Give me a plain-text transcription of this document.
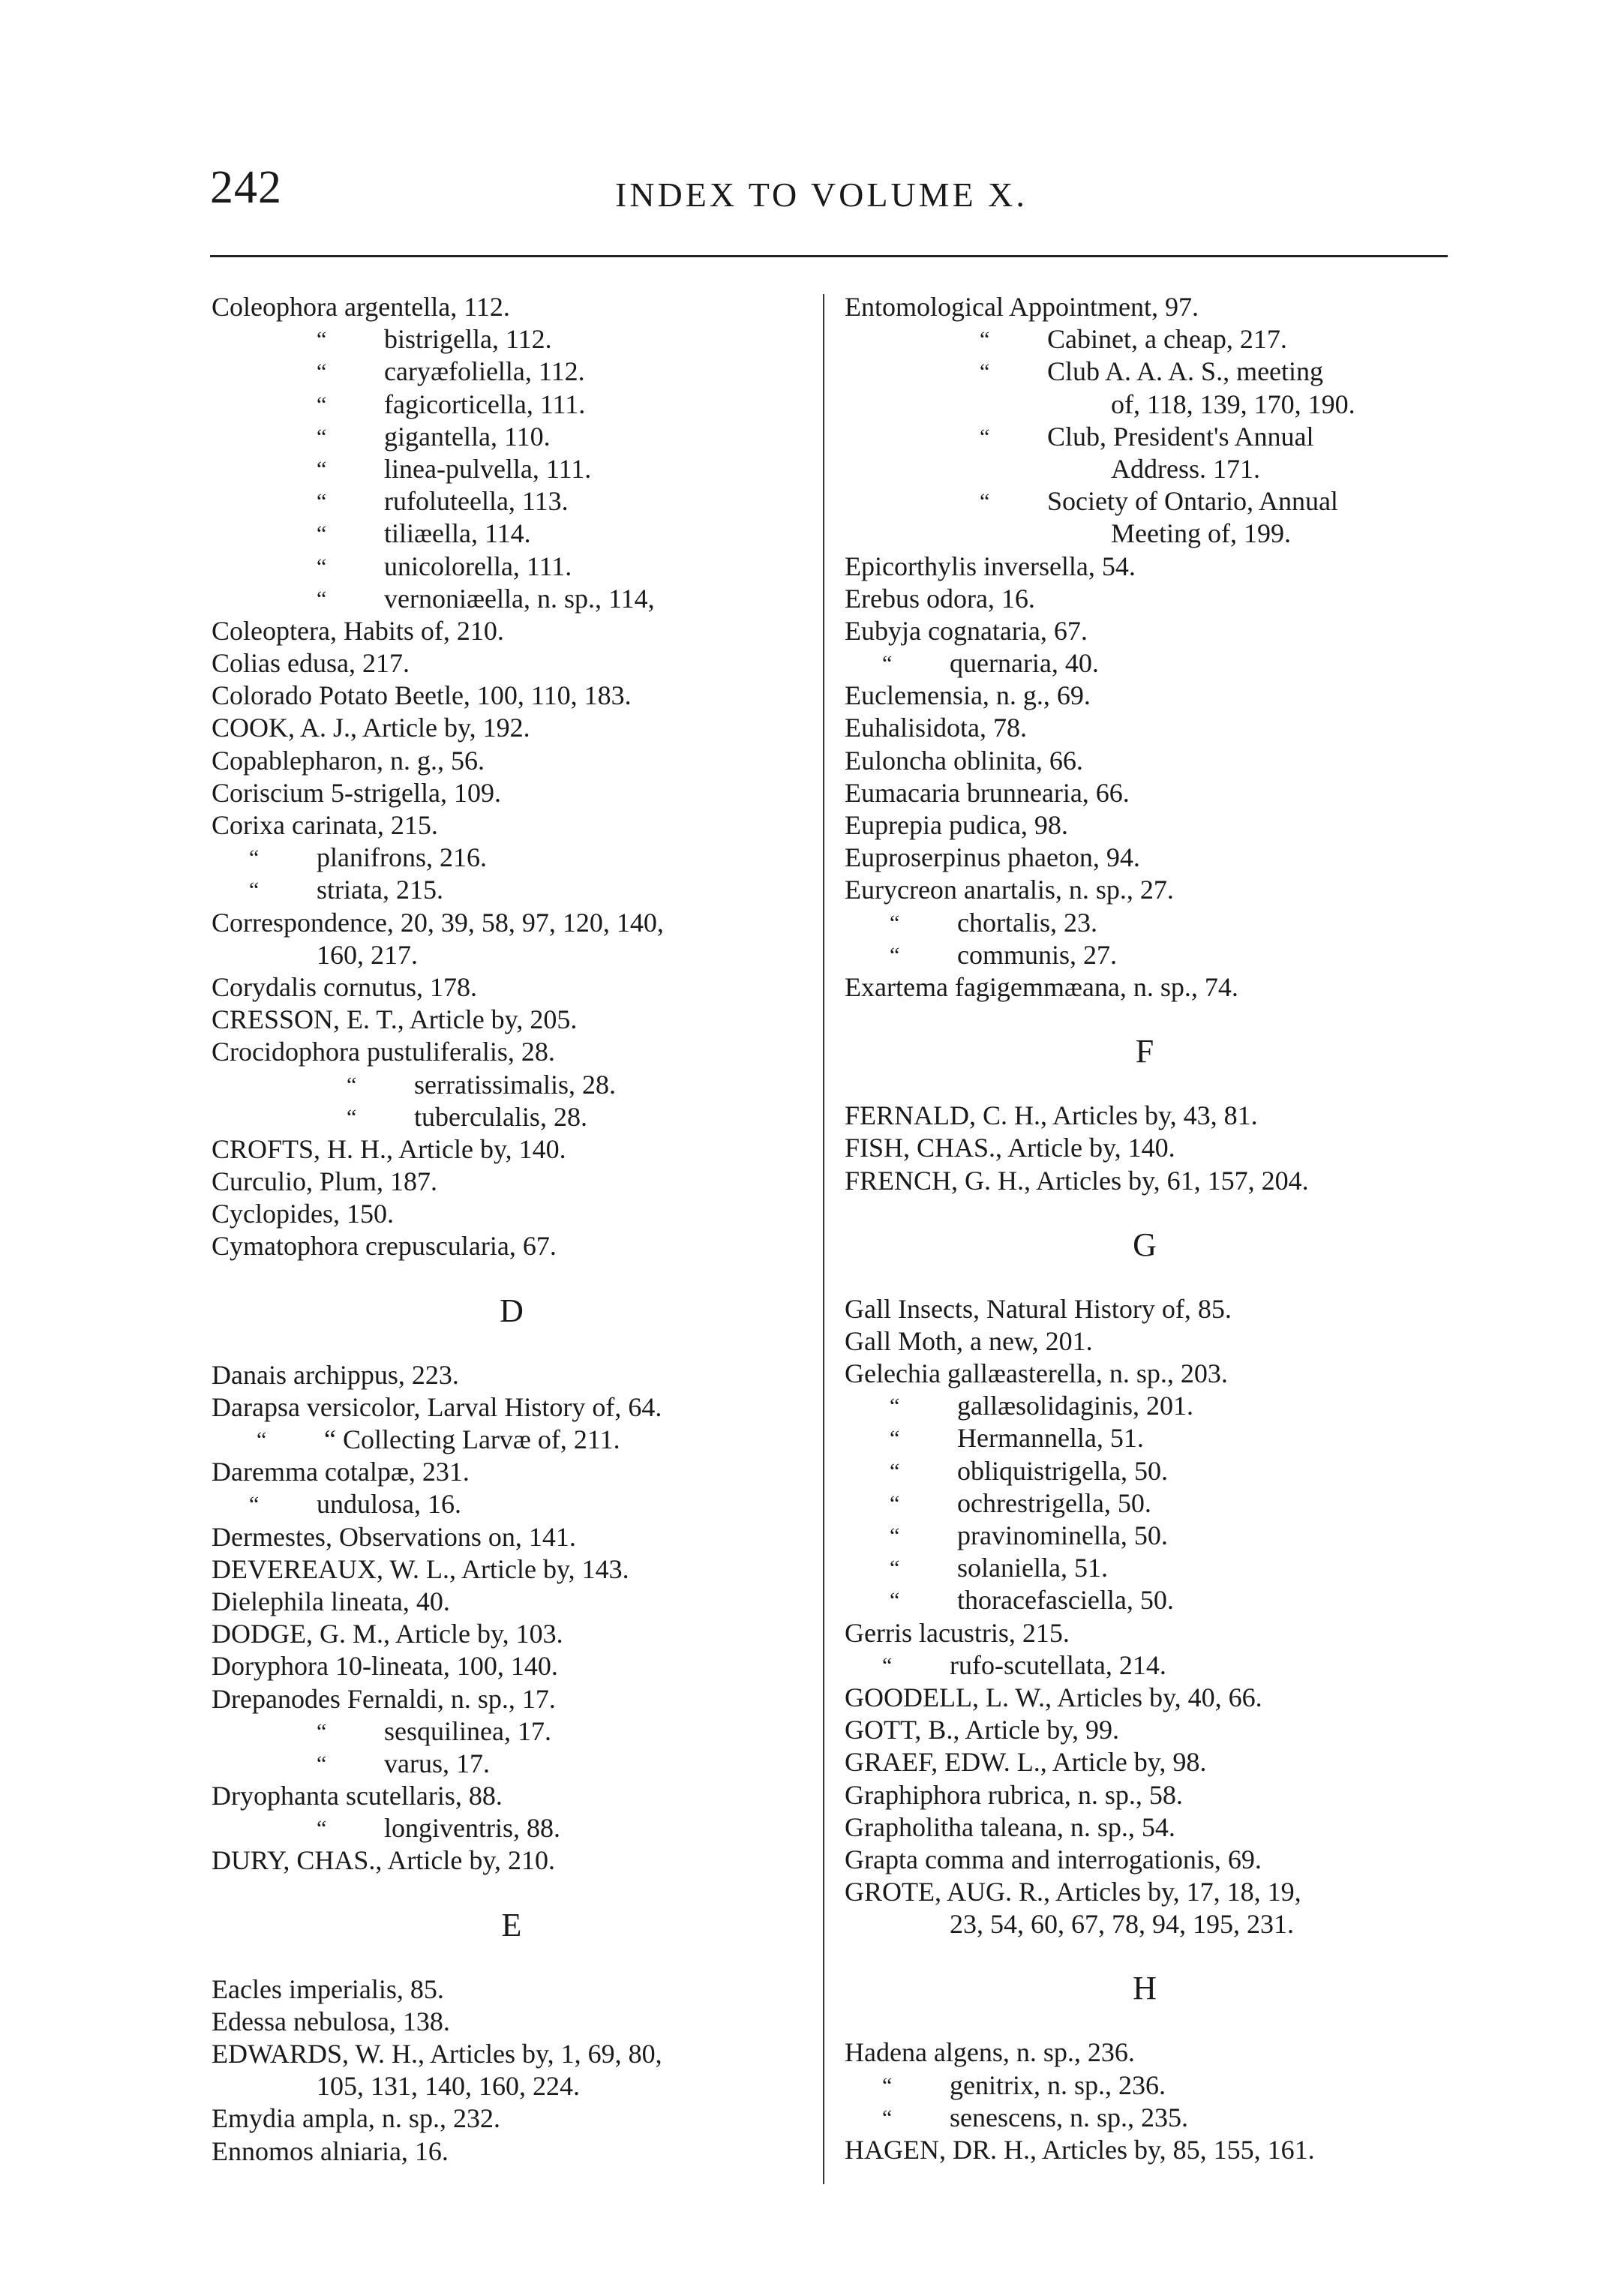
242	INDEX TO VOLUME X.
Coleophora argentella, 112.
“ bistrigella, 112.
“ caryæfoliella, 112.
“ fagicorticella, 111.
“ gigantella, 110.
“ linea-pulvella, 111.
“ rufoluteella, 113.
“ tiliæella, 114.
“ unicolorella, 111.
“ vernoniæella, n. sp., 114,
Coleoptera, Habits of, 210.
Colias edusa, 217.
Colorado Potato Beetle, 100, 110, 183.
COOK, A. J., Article by, 192.
Copablepharon, n. g., 56.
Coriscium 5-strigella, 109.
Corixa carinata, 215.
“ planifrons, 216.
“ striata, 215.
Correspondence, 20, 39, 58, 97, 120, 140,
160, 217.
Corydalis cornutus, 178.
CRESSON, E. T., Article by, 205.
Crocidophora pustuliferalis, 28.
“ serratissimalis, 28.
“ tuberculalis, 28.
CROFTS, H. H., Article by, 140.
Curculio, Plum, 187.
Cyclopides, 150.
Cymatophora crepuscularia, 67.
D
Danais archippus, 223.
Darapsa versicolor, Larval History of, 64.
“ “ Collecting Larvæ of, 211.
Daremma cotalpæ, 231.
“ undulosa, 16.
Dermestes, Observations on, 141.
DEVEREAUX, W. L., Article by, 143.
Dielephila lineata, 40.
DODGE, G. M., Article by, 103.
Doryphora 10-lineata, 100, 140.
Drepanodes Fernaldi, n. sp., 17.
“ sesquilinea, 17.
“ varus, 17.
Dryophanta scutellaris, 88.
“ longiventris, 88.
DURY, CHAS., Article by, 210.
E
Eacles imperialis, 85.
Edessa nebulosa, 138.
EDWARDS, W. H., Articles by, 1, 69, 80,
105, 131, 140, 160, 224.
Emydia ampla, n. sp., 232.
Ennomos alniaria, 16.
Entomological Appointment, 97.
“ Cabinet, a cheap, 217.
“ Club A. A. A. S., meeting
of, 118, 139, 170, 190.
“ Club, President's Annual
Address. 171.
“ Society of Ontario, Annual
Meeting of, 199.
Epicorthylis inversella, 54.
Erebus odora, 16.
Eubyja cognataria, 67.
“ quernaria, 40.
Euclemensia, n. g., 69.
Euhalisidota, 78.
Euloncha oblinita, 66.
Eumacaria brunnearia, 66.
Euprepia pudica, 98.
Euproserpinus phaeton, 94.
Eurycreon anartalis, n. sp., 27.
“ chortalis, 23.
“ communis, 27.
Exartema fagigemmæana, n. sp., 74.
F
FERNALD, C. H., Articles by, 43, 81.
FISH, CHAS., Article by, 140.
FRENCH, G. H., Articles by, 61, 157, 204.
G
Gall Insects, Natural History of, 85.
Gall Moth, a new, 201.
Gelechia gallæasterella, n. sp., 203.
“ gallæsolidaginis, 201.
“ Hermannella, 51.
“ obliquistrigella, 50.
“ ochrestrigella, 50.
“ pravinominella, 50.
“ solaniella, 51.
“ thoracefasciella, 50.
Gerris lacustris, 215.
“ rufo-scutellata, 214.
GOODELL, L. W., Articles by, 40, 66.
GOTT, B., Article by, 99.
GRAEF, EDW. L., Article by, 98.
Graphiphora rubrica, n. sp., 58.
Grapholitha taleana, n. sp., 54.
Grapta comma and interrogationis, 69.
GROTE, AUG. R., Articles by, 17, 18, 19,
23, 54, 60, 67, 78, 94, 195, 231.
H
Hadena algens, n. sp., 236.
“ genitrix, n. sp., 236.
“ senescens, n. sp., 235.
HAGEN, DR. H., Articles by, 85, 155, 161.
